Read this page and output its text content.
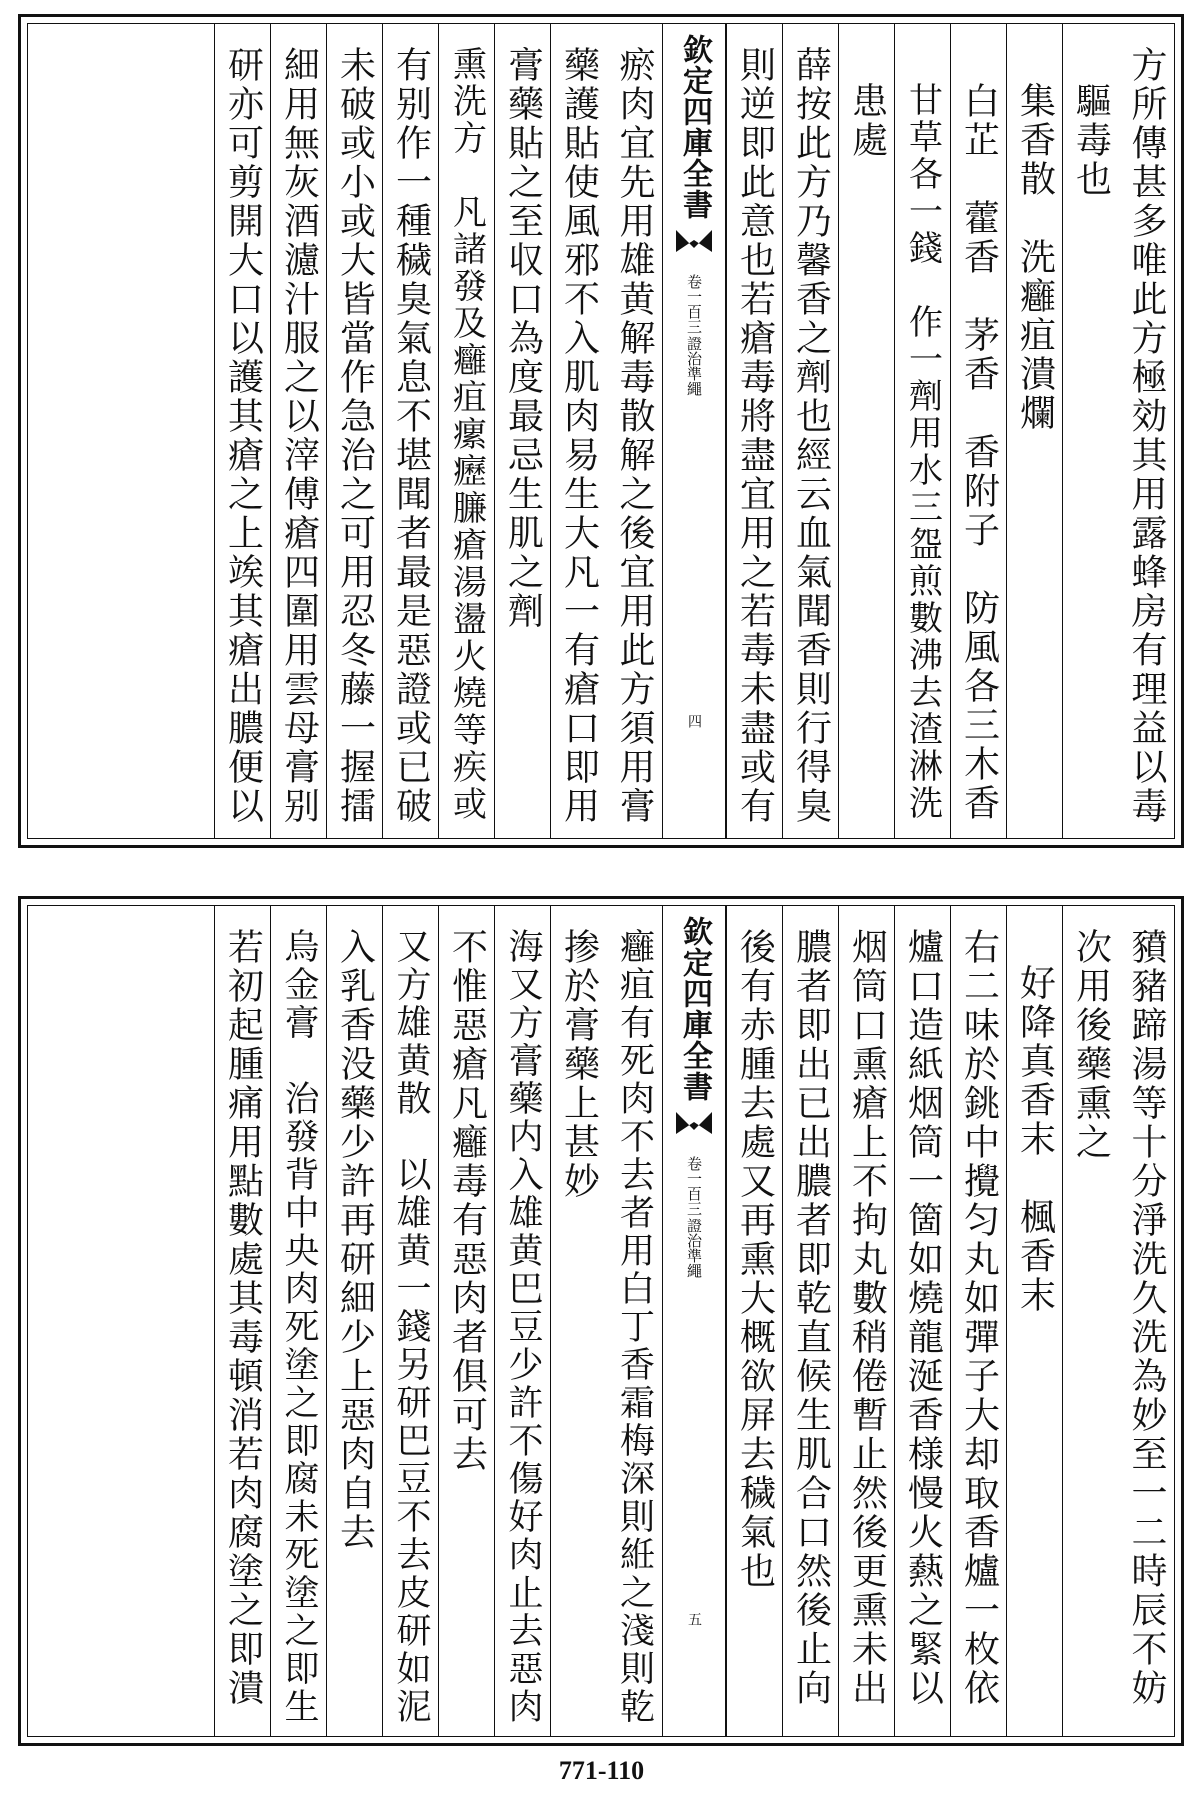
方所傳甚多唯此方極効其用露蜂房有理益以毒
驅毒也
集香散　洗癰疽潰爛
白芷　藿香　茅香　香附子　防風各三木香
甘草各一錢　作一劑用水三盌煎數沸去渣淋洗
患處
薛按此方乃馨香之劑也經云血氣聞香則行得臭
則逆即此意也若瘡毒將盡宜用之若毒未盡或有
欽定四庫全書
卷一百三
證治準繩
四
瘀肉宜先用雄黄解毒散解之後宜用此方須用膏
藥護貼使風邪不入肌肉易生大凡一有瘡口即用
膏藥貼之至収口為度最忌生肌之劑
熏洗方　凡諸發及癰疽瘰癧臁瘡湯盪火燒等疾或
有别作一種穢臭氣息不堪聞者最是惡證或已破
未破或小或大皆當作急治之可用忍冬藤一握擂
細用無灰酒濾汁服之以滓傅瘡四圍用雲母膏别
研亦可剪開大口以護其瘡之上竢其瘡出膿便以
豶豬蹄湯等十分淨洗久洗為妙至一二時辰不妨
次用後藥熏之
好降真香末　楓香末
右二味於銚中攪匀丸如彈子大却取香爐一枚依
爐口造紙烟筒一箇如燒龍涎香様慢火爇之緊以
烟筒口熏瘡上不拘丸數稍倦暫止然後更熏未出
膿者即出已出膿者即乾直候生肌合口然後止向
後有赤腫去處又再熏大概欲屏去穢氣也
欽定四庫全書
卷一百三
證治準繩
五
癰疽有死肉不去者用白丁香霜梅深則絍之淺則乾
掺於膏藥上甚妙
海又方膏藥内入雄黄巴豆少許不傷好肉止去惡肉
不惟惡瘡凡癰毒有惡肉者俱可去
又方雄黄散　以雄黄一錢另研巴豆不去皮研如泥
入乳香没藥少許再研細少上惡肉自去
烏金膏　治發背中央肉死塗之即腐未死塗之即生
若初起腫痛用點數處其毒頓消若肉腐塗之即潰
771-110
